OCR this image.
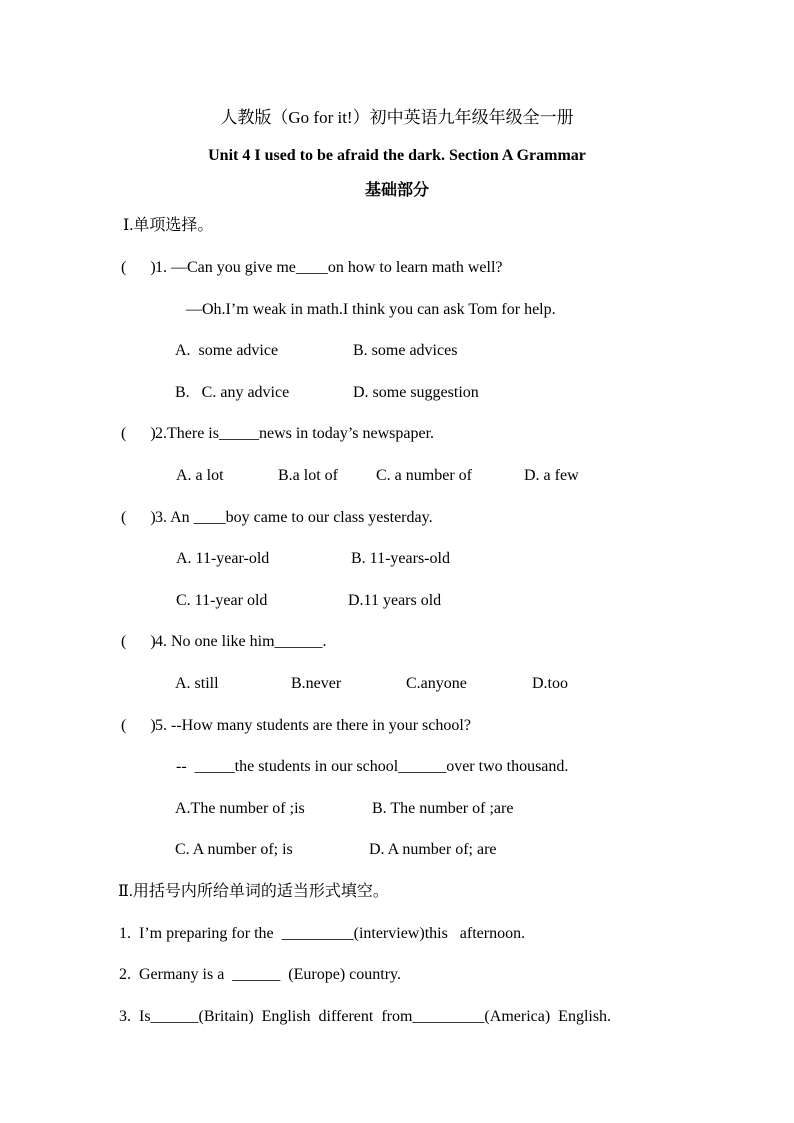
人教版（Go for it!）初中英语九年级年级全一册
Unit 4 I used to be afraid the dark. Section A Grammar
基础部分
Ⅰ.单项选择。
(      ) 1. —Can you give me____on how to learn math well?
—Oh.I’m weak in math.I think you can ask Tom for help.
A.  some advice	B. some advices
B.   C. any advice	D. some suggestion
(      ) 2.There is_____news in today’s newspaper.
A. a lot	B.a lot of C. a number of	D. a few
(      ) 3. An ____boy came to our class yesterday.
A. 11-year-old	B. 11-years-old
C. 11-year old	D.11 years old
(      ) 4. No one like him______.
A. still	B.never	C.anyone	D.too
(      ) 5. --How many students are there in your school?
--  _____the students in our school______over two thousand.
A.The number of ;is	B. The number of ;are
C. A number of; is	D. A number of; are
Ⅱ.用括号内所给单词的适当形式填空。
1.  I’m preparing for the  _________(interview)this   afternoon.
2.  Germany is a  ______  (Europe) country.
3.  Is______(Britain)  English  different  from_________(America)  English.
